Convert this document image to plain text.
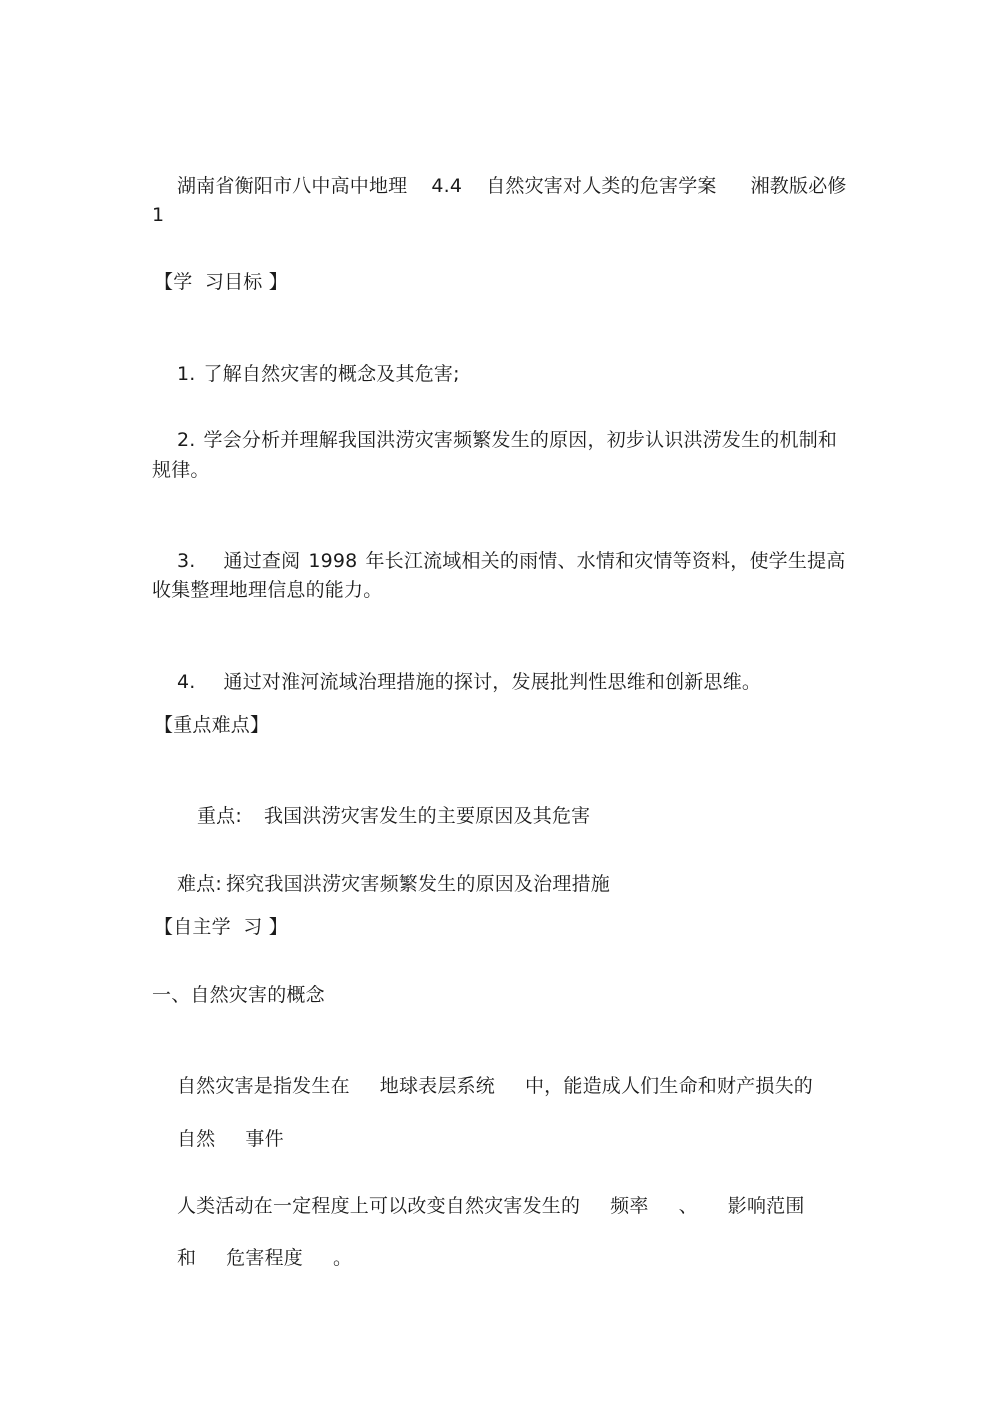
湖南省衡阳市八中高中地理 4.4 自然灾害对人类的危害学案 湘教版必修

1
【学  习目标 】

1. 了解自然灾害的概念及其危害;

2. 学会分析并理解我国洪涝灾害频繁发生的原因，初步认识洪涝发生的机制和

规律。

3. 通过查阅 1998 年长江流域相关的雨情、水情和灾情等资料，使学生提高

收集整理地理信息的能力。

4. 通过对淮河流域治理措施的探讨，发展批判性思维和创新思维。

【重点难点】

重点: 我国洪涝灾害发生的主要原因及其危害

难点: 探究我国洪涝灾害频繁发生的原因及治理措施

【自主学  习 】
一、自然灾害的概念

自然灾害是指发生在 地球表层系统 中，能造成人们生命和财产损失的

自然 事件

人类活动在一定程度上可以改变自然灾害发生的 频率 、 影响范围

和 危害程度 。
